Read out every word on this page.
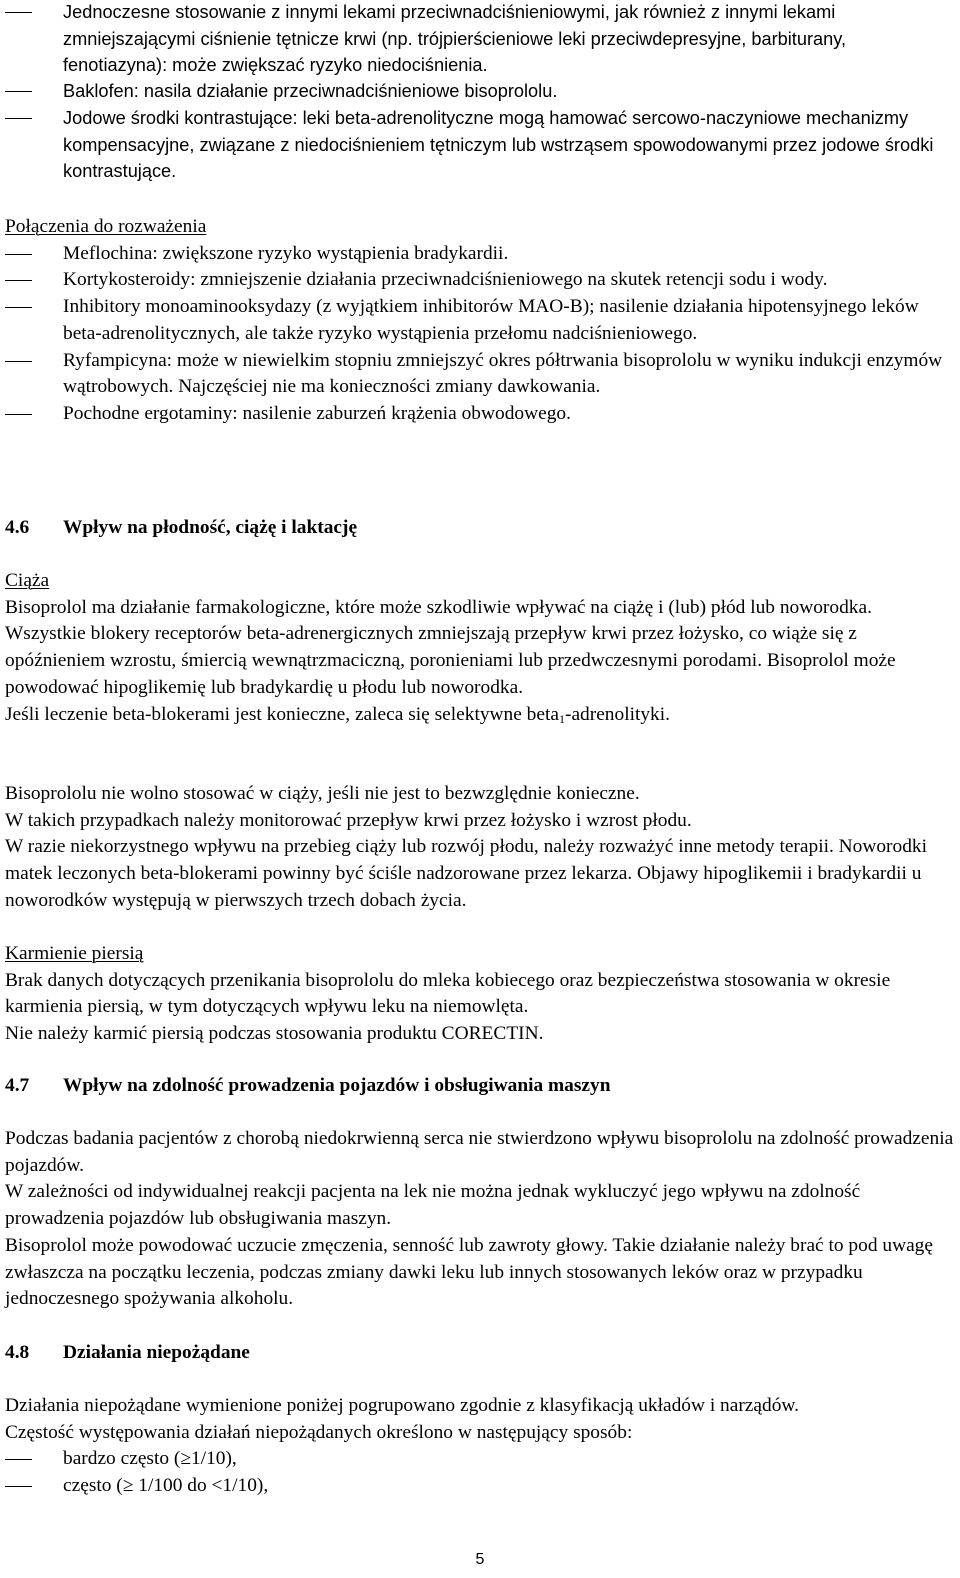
Jednoczesne stosowanie z innymi lekami przeciwnadciśnieniowymi, jak również z innymi lekami zmniejszającymi ciśnienie tętnicze krwi (np. trójpierścieniowe leki przeciwdepresyjne, barbiturany, fenotiazyna): może zwiększać ryzyko niedociśnienia.

Baklofen: nasila działanie przeciwnadciśnieniowe bisoprololu.

Jodowe środki kontrastujące: leki beta-adrenolityczne mogą hamować sercowo-naczyniowe mechanizmy kompensacyjne, związane z niedociśnieniem tętniczym lub wstrząsem spowodowanymi przez jodowe środki kontrastujące.

Połączenia do rozważenia

Meflochina: zwiększone ryzyko wystąpienia bradykardii.

Kortykosteroidy: zmniejszenie działania przeciwnadciśnieniowego na skutek retencji sodu i wody.

Inhibitory monoaminooksydazy (z wyjątkiem inhibitorów MAO-B); nasilenie działania hipotensyjnego leków beta-adrenolitycznych, ale także ryzyko wystąpienia przełomu nadciśnieniowego.

Ryfampicyna: może w niewielkim stopniu zmniejszyć okres półtrwania bisoprololu w wyniku indukcji enzymów wątrobowych. Najczęściej nie ma konieczności zmiany dawkowania.

Pochodne ergotaminy: nasilenie zaburzeń krążenia obwodowego.

4.6 Wpływ na płodność, ciążę i laktację

Ciąża

Bisoprolol ma działanie farmakologiczne, które może szkodliwie wpływać na ciążę i (lub) płód lub noworodka. Wszystkie blokery receptorów beta-adrenergicznych zmniejszają przepływ krwi przez łożysko, co wiąże się z opóźnieniem wzrostu, śmiercią wewnątrzmaciczną, poronieniami lub przedwczesnymi porodami. Bisoprolol może powodować hipoglikemię lub bradykardię u płodu lub noworodka.

Jeśli leczenie beta-blokerami jest konieczne, zaleca się selektywne beta$_1$-adrenolityki.

Bisoprololu nie wolno stosować w ciąży, jeśli nie jest to bezwzględnie konieczne.

W takich przypadkach należy monitorować przepływ krwi przez łożysko i wzrost płodu.

W razie niekorzystnego wpływu na przebieg ciąży lub rozwój płodu, należy rozważyć inne metody terapii. Noworodki matek leczonych beta-blokerami powinny być ściśle nadzorowane przez lekarza. Objawy hipoglikemii i bradykardii u noworodków występują w pierwszych trzech dobach życia.

Karmienie piersią

Brak danych dotyczących przenikania bisoprololu do mleka kobiecego oraz bezpieczeństwa stosowania w okresie karmienia piersią, w tym dotyczących wpływu leku na niemowlęta.

Nie należy karmić piersią podczas stosowania produktu CORECTIN.

4.7 Wpływ na zdolność prowadzenia pojazdów i obsługiwania maszyn

Podczas badania pacjentów z chorobą niedokrwienną serca nie stwierdzono wpływu bisoprololu na zdolność prowadzenia pojazdów.

W zależności od indywidualnej reakcji pacjenta na lek nie można jednak wykluczyć jego wpływu na zdolność prowadzenia pojazdów lub obsługiwania maszyn.

Bisoprolol może powodować uczucie zmęczenia, senność lub zawroty głowy. Takie działanie należy brać to pod uwagę zwłaszcza na początku leczenia, podczas zmiany dawki leku lub innych stosowanych leków oraz w przypadku jednoczesnego spożywania alkoholu.

4.8 Działania niepożądane

Działania niepożądane wymienione poniżej pogrupowano zgodnie z klasyfikacją układów i narządów.

Częstość występowania działań niepożądanych określono w następujący sposób:

bardzo często (≥1/10),

często (≥ 1/100 do <1/10),

5
